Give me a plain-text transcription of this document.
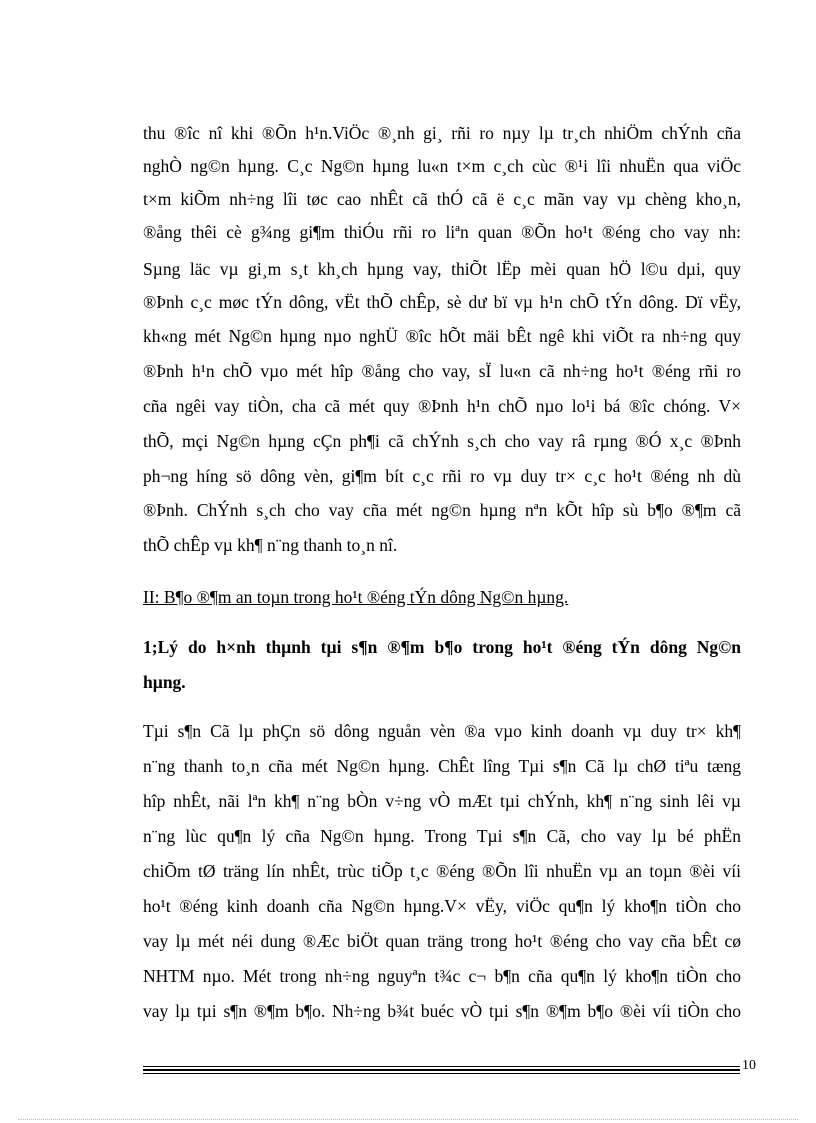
thu ®îc nî khi ®Õn h¹n.ViÖc ®¸nh gi¸ rñi ro nµy lµ tr¸ch nhiÖm chÝnh cña
nghÒ ng©n hµng. C¸c Ng©n hµng lu«n t×m c¸ch cùc ®¹i lîi nhuËn qua viÖc
t×m kiÕm nh÷ng lîi tøc cao nhÊt cã thÓ cã ë c¸c mãn vay vµ chèng kho¸n,
®ång thêi cè g¾ng gi¶m thiÓu rñi ro liªn quan ®Õn ho¹t ®éng cho vay nh:
Sµng läc vµ gi¸m s¸t kh¸ch hµng vay, thiÕt lËp mèi quan hÖ l©u dµi, quy
®Þnh c¸c møc tÝn dông, vËt thÕ chÊp, sè dư bï vµ h¹n chÕ tÝn dông. Dï vËy,
kh«ng mét Ng©n hµng nµo nghÜ ®îc hÕt mäi bÊt ngê khi viÕt ra nh÷ng quy
®Þnh h¹n chÕ vµo mét hîp ®ång cho vay, sÏ lu«n cã nh÷ng ho¹t ®éng rñi ro
cña ngêi vay tiÒn, cha cã mét quy ®Þnh h¹n chÕ nµo lo¹i bá ®îc chóng. V×
thÕ, mçi Ng©n hµng cÇn ph¶i cã chÝnh s¸ch cho vay râ rµng ®Ó x¸c ®Þnh
ph¬ng híng sö dông vèn, gi¶m bít c¸c rñi ro vµ duy tr× c¸c ho¹t ®éng nh dù
®Þnh. ChÝnh s¸ch cho vay cña mét ng©n hµng nªn kÕt hîp sù b¶o ®¶m cã
thÕ chÊp vµ kh¶ n¨ng thanh to¸n nî.
II: B¶o ®¶m an toµn trong ho¹t ®éng tÝn dông Ng©n hµng.
1;Lý do h×nh thµnh tµi s¶n ®¶m b¶o trong ho¹t ®éng tÝn dông Ng©n
hµng.
Tµi s¶n Cã lµ phÇn sö dông nguån vèn ®a vµo kinh doanh vµ duy tr× kh¶
n¨ng thanh to¸n cña mét Ng©n hµng. ChÊt lîng Tµi s¶n Cã lµ chØ tiªu tæng
hîp nhÊt, nãi lªn kh¶ n¨ng bÒn v÷ng vÒ mÆt tµi chÝnh, kh¶ n¨ng sinh lêi vµ
n¨ng lùc qu¶n lý cña Ng©n hµng. Trong Tµi s¶n Cã, cho vay lµ bé phËn
chiÕm tØ träng lín nhÊt, trùc tiÕp t¸c ®éng ®Õn lîi nhuËn vµ an toµn ®èi víi
ho¹t ®éng kinh doanh cña Ng©n hµng.V× vËy, viÖc qu¶n lý kho¶n tiÒn cho
vay lµ mét néi dung ®Æc biÖt quan träng trong ho¹t ®éng cho vay cña bÊt cø
NHTM nµo. Mét trong nh÷ng nguyªn t¾c c¬ b¶n cña qu¶n lý kho¶n tiÒn cho
vay lµ tµi s¶n ®¶m b¶o. Nh÷ng b¾t buéc vÒ tµi s¶n ®¶m b¶o ®èi víi tiÒn cho
10
